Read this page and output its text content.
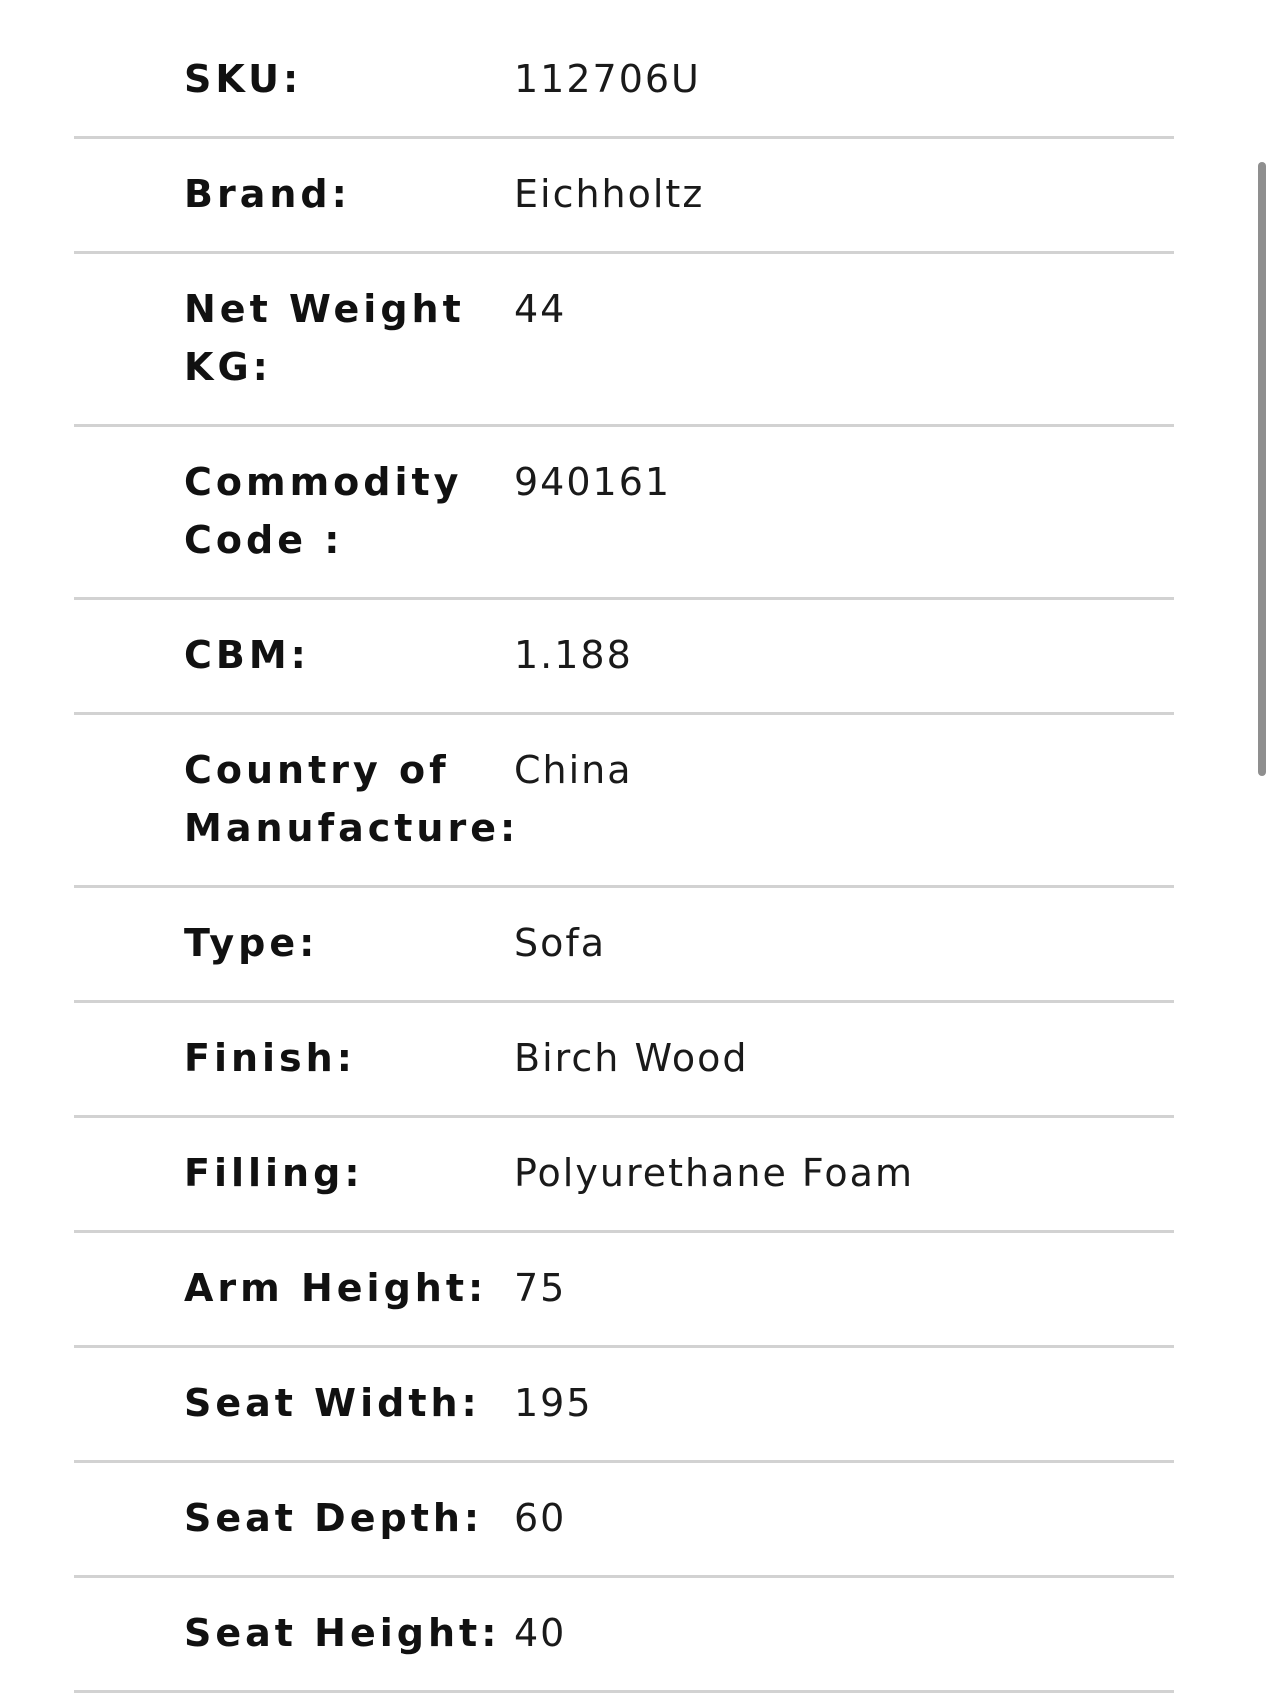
SKU:	112706U
Brand:	Eichholtz
Net Weight KG:
44
Commodity Code :
940161
CBM:	1.188
Country of Manufacture:
China
Type:	Sofa
Finish:	Birch Wood
Filling:	Polyurethane Foam
Arm Height: 75
Seat Width: 195
Seat Depth: 60
Seat Height: 40
